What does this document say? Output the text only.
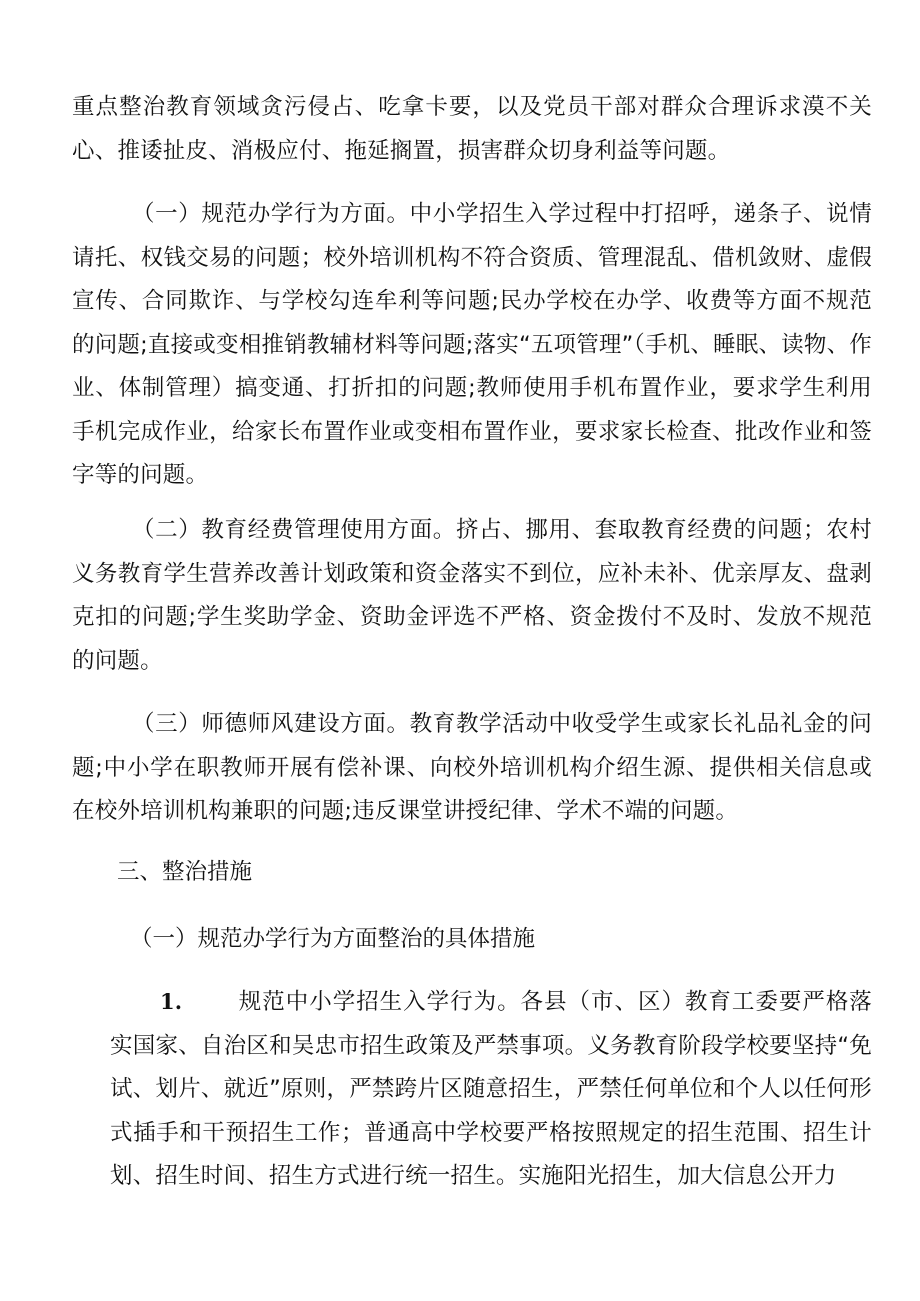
重点整治教育领域贪污侵占、吃拿卡要，以及党员干部对群众合理诉求漠不关心、推诿扯皮、消极应付、拖延搁置，损害群众切身利益等问题。

（一）规范办学行为方面。中小学招生入学过程中打招呼，递条子、说情请托、权钱交易的问题；校外培训机构不符合资质、管理混乱、借机敛财、虚假宣传、合同欺诈、与学校勾连牟利等问题;民办学校在办学、收费等方面不规范的问题;直接或变相推销教辅材料等问题;落实“五项管理”（手机、睡眠、读物、作业、体制管理）搞变通、打折扣的问题;教师使用手机布置作业，要求学生利用手机完成作业，给家长布置作业或变相布置作业，要求家长检查、批改作业和签字等的问题。

（二）教育经费管理使用方面。挤占、挪用、套取教育经费的问题；农村义务教育学生营养改善计划政策和资金落实不到位，应补未补、优亲厚友、盘剥克扣的问题;学生奖助学金、资助金评选不严格、资金拨付不及时、发放不规范的问题。

（三）师德师风建设方面。教育教学活动中收受学生或家长礼品礼金的问题;中小学在职教师开展有偿补课、向校外培训机构介绍生源、提供相关信息或在校外培训机构兼职的问题;违反课堂讲授纪律、学术不端的问题。

三、整治措施

（一）规范办学行为方面整治的具体措施

1. 规范中小学招生入学行为。各县（市、区）教育工委要严格落实国家、自治区和吴忠市招生政策及严禁事项。义务教育阶段学校要坚持“免试、划片、就近”原则，严禁跨片区随意招生，严禁任何单位和个人以任何形式插手和干预招生工作；普通高中学校要严格按照规定的招生范围、招生计划、招生时间、招生方式进行统一招生。实施阳光招生，加大信息公开力
